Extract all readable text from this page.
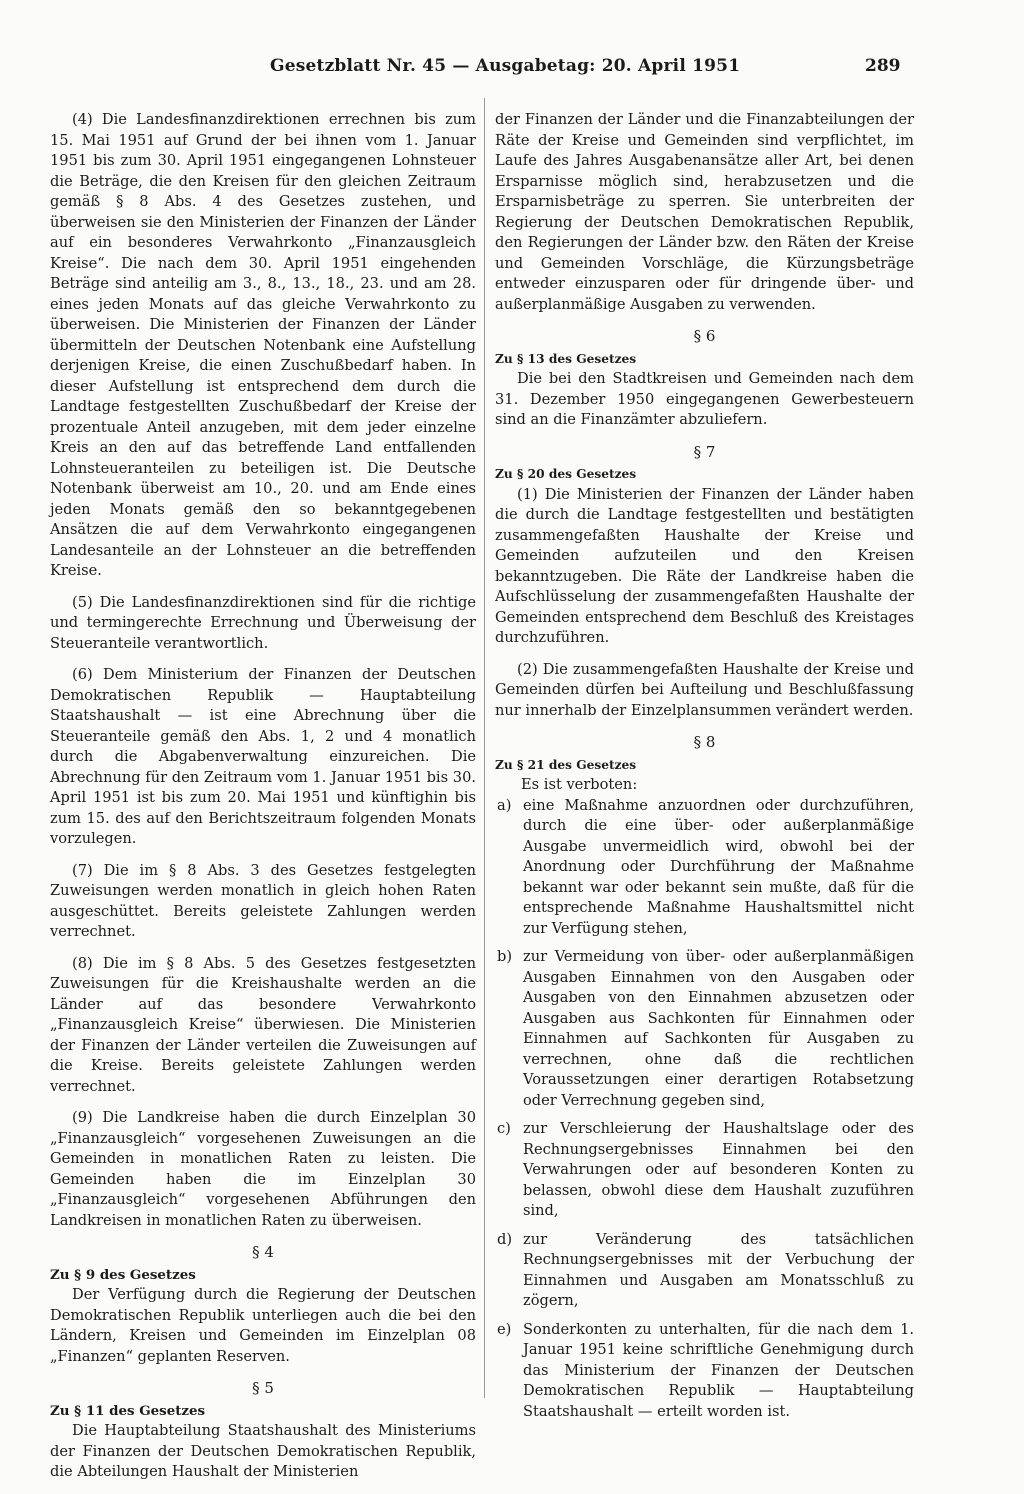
Gesetzblatt Nr. 45 — Ausgabetag: 20. April 1951	289

(4) Die Landesfinanzdirektionen errechnen bis zum 15. Mai 1951 auf Grund der bei ihnen vom 1. Januar 1951 bis zum 30. April 1951 eingegangenen Lohnsteuer die Beträge, die den Kreisen für den gleichen Zeitraum gemäß § 8 Abs. 4 des Gesetzes zustehen, und überweisen sie den Ministerien der Finanzen der Länder auf ein besonderes Verwahrkonto „Finanzausgleich Kreise“. Die nach dem 30. April 1951 eingehenden Beträge sind anteilig am 3., 8., 13., 18., 23. und am 28. eines jeden Monats auf das gleiche Verwahrkonto zu überweisen. Die Ministerien der Finanzen der Länder übermitteln der Deutschen Notenbank eine Aufstellung derjenigen Kreise, die einen Zuschußbedarf haben. In dieser Aufstellung ist entsprechend dem durch die Landtage festgestellten Zuschußbedarf der Kreise der prozentuale Anteil anzugeben, mit dem jeder einzelne Kreis an den auf das betreffende Land entfallenden Lohnsteueranteilen zu beteiligen ist. Die Deutsche Notenbank überweist am 10., 20. und am Ende eines jeden Monats gemäß den so bekanntgegebenen Ansätzen die auf dem Verwahrkonto eingegangenen Landesanteile an der Lohnsteuer an die betreffenden Kreise.

(5) Die Landesfinanzdirektionen sind für die richtige und termingerechte Errechnung und Überweisung der Steueranteile verantwortlich.

(6) Dem Ministerium der Finanzen der Deutschen Demokratischen Republik — Hauptabteilung Staatshaushalt — ist eine Abrechnung über die Steueranteile gemäß den Abs. 1, 2 und 4 monatlich durch die Abgabenverwaltung einzureichen. Die Abrechnung für den Zeitraum vom 1. Januar 1951 bis 30. April 1951 ist bis zum 20. Mai 1951 und künftighin bis zum 15. des auf den Berichtszeitraum folgenden Monats vorzulegen.

(7) Die im § 8 Abs. 3 des Gesetzes festgelegten Zuweisungen werden monatlich in gleich hohen Raten ausgeschüttet. Bereits geleistete Zahlungen werden verrechnet.

(8) Die im § 8 Abs. 5 des Gesetzes festgesetzten Zuweisungen für die Kreishaushalte werden an die Länder auf das besondere Verwahrkonto „Finanzausgleich Kreise“ überwiesen. Die Ministerien der Finanzen der Länder verteilen die Zuweisungen auf die Kreise. Bereits geleistete Zahlungen werden verrechnet.

(9) Die Landkreise haben die durch Einzelplan 30 „Finanzausgleich“ vorgesehenen Zuweisungen an die Gemeinden in monatlichen Raten zu leisten. Die Gemeinden haben die im Einzelplan 30 „Finanzausgleich“ vorgesehenen Abführungen den Landkreisen in monatlichen Raten zu überweisen.

§ 4
Zu § 9 des Gesetzes

Der Verfügung durch die Regierung der Deutschen Demokratischen Republik unterliegen auch die bei den Ländern, Kreisen und Gemeinden im Einzelplan 08 „Finanzen“ geplanten Reserven.

§ 5
Zu § 11 des Gesetzes

Die Hauptabteilung Staatshaushalt des Ministeriums der Finanzen der Deutschen Demokratischen Republik, die Abteilungen Haushalt der Ministerien

der Finanzen der Länder und die Finanzabteilungen der Räte der Kreise und Gemeinden sind verpflichtet, im Laufe des Jahres Ausgabenansätze aller Art, bei denen Ersparnisse möglich sind, herabzusetzen und die Ersparnisbeträge zu sperren. Sie unterbreiten der Regierung der Deutschen Demokratischen Republik, den Regierungen der Länder bzw. den Räten der Kreise und Gemeinden Vorschläge, die Kürzungsbeträge entweder einzusparen oder für dringende über- und außerplanmäßige Ausgaben zu verwenden.

§ 6
Zu § 13 des Gesetzes

Die bei den Stadtkreisen und Gemeinden nach dem 31. Dezember 1950 eingegangenen Gewerbesteuern sind an die Finanzämter abzuliefern.

§ 7
Zu § 20 des Gesetzes

(1) Die Ministerien der Finanzen der Länder haben die durch die Landtage festgestellten und bestätigten zusammengefaßten Haushalte der Kreise und Gemeinden aufzuteilen und den Kreisen bekanntzugeben. Die Räte der Landkreise haben die Aufschlüsselung der zusammengefaßten Haushalte der Gemeinden entsprechend dem Beschluß des Kreistages durchzuführen.

(2) Die zusammengefaßten Haushalte der Kreise und Gemeinden dürfen bei Aufteilung und Beschlußfassung nur innerhalb der Einzelplansummen verändert werden.

§ 8
Zu § 21 des Gesetzes
Es ist verboten:
a) eine Maßnahme anzuordnen oder durchzuführen, durch die eine über- oder außerplanmäßige Ausgabe unvermeidlich wird, obwohl bei der Anordnung oder Durchführung der Maßnahme bekannt war oder bekannt sein mußte, daß für die entsprechende Maßnahme Haushaltsmittel nicht zur Verfügung stehen,
b) zur Vermeidung von über- oder außerplanmäßigen Ausgaben Einnahmen von den Ausgaben oder Ausgaben von den Einnahmen abzusetzen oder Ausgaben aus Sachkonten für Einnahmen oder Einnahmen auf Sachkonten für Ausgaben zu verrechnen, ohne daß die rechtlichen Voraussetzungen einer derartigen Rotabsetzung oder Verrechnung gegeben sind,
c) zur Verschleierung der Haushaltslage oder des Rechnungsergebnisses Einnahmen bei den Verwahrungen oder auf besonderen Konten zu belassen, obwohl diese dem Haushalt zuzuführen sind,
d) zur Veränderung des tatsächlichen Rechnungsergebnisses mit der Verbuchung der Einnahmen und Ausgaben am Monatsschluß zu zögern,
e) Sonderkonten zu unterhalten, für die nach dem 1. Januar 1951 keine schriftliche Genehmigung durch das Ministerium der Finanzen der Deutschen Demokratischen Republik — Hauptabteilung Staatshaushalt — erteilt worden ist.
